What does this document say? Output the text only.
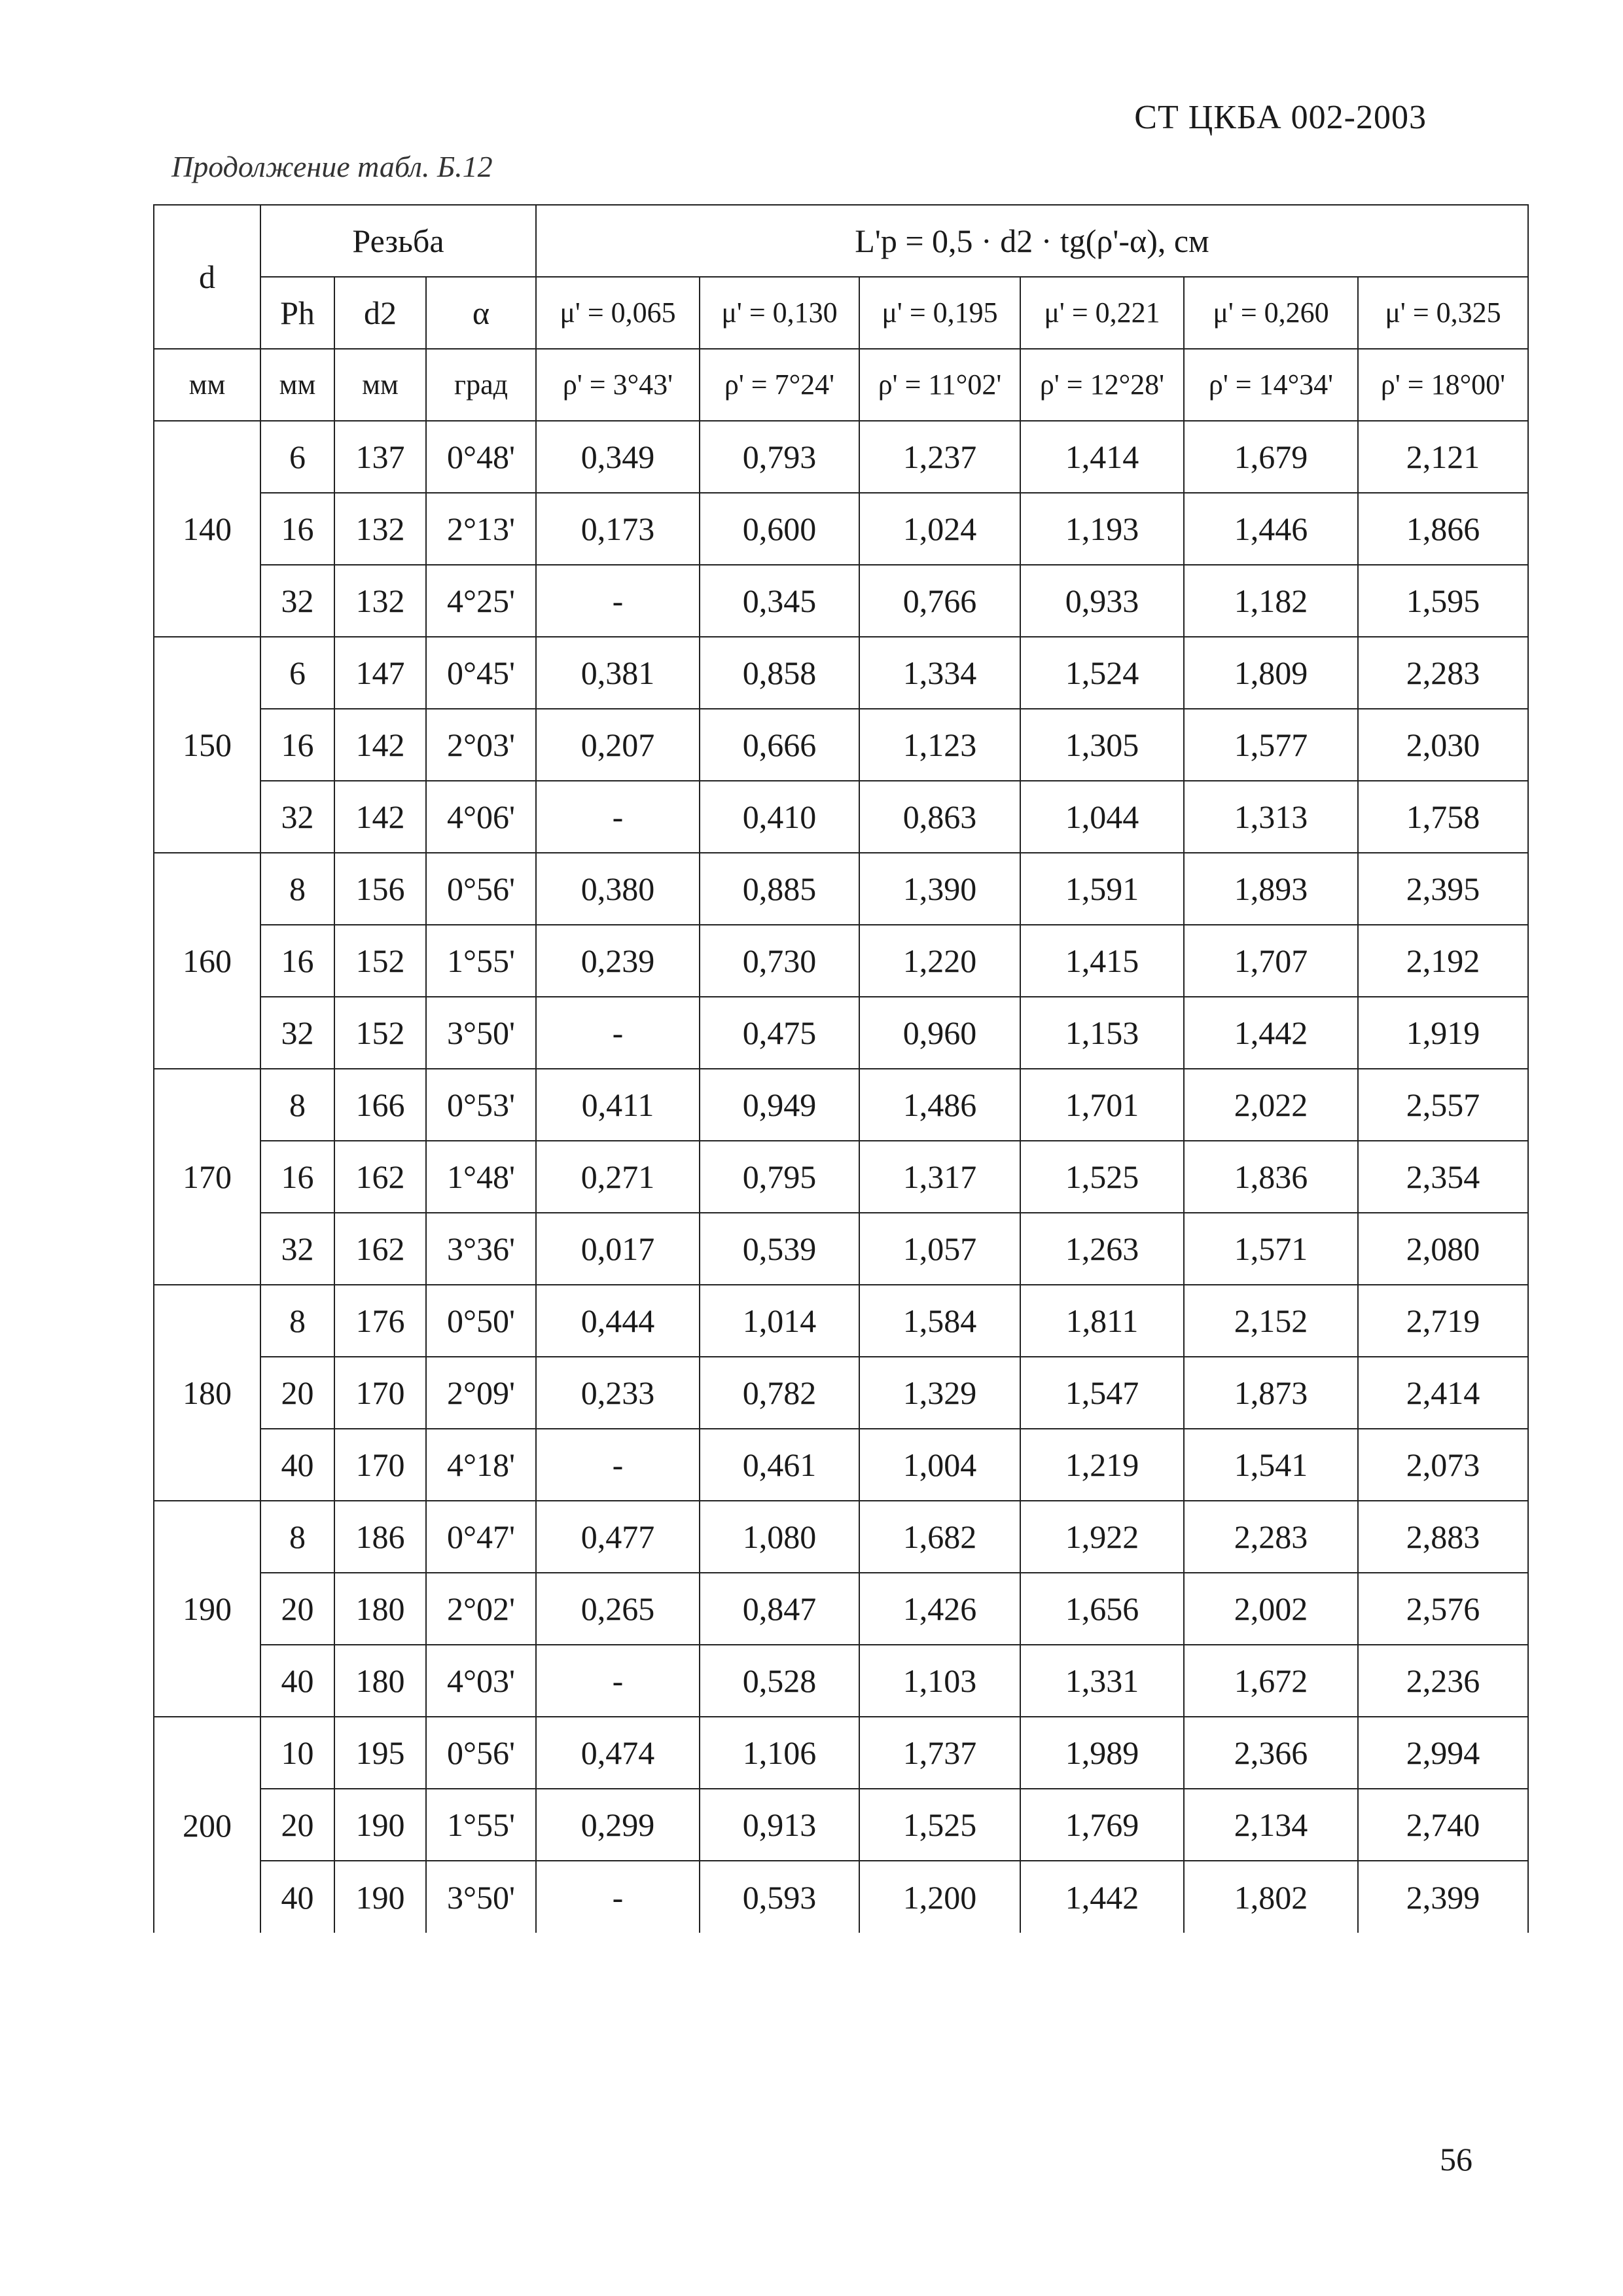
СТ ЦКБА 002-2003
Продолжение табл. Б.12
d	Резьба			L'p = 0,5 · d2 · tg(ρ'-α), см					
	Ph	d2	α	μ' = 0,065	μ' = 0,130	μ' = 0,195	μ' = 0,221	μ' = 0,260	μ' = 0,325
мм	мм	мм	град	ρ' = 3°43'	ρ' = 7°24'	ρ' = 11°02'	ρ' = 12°28'	ρ' = 14°34'	ρ' = 18°00'
140	6	137	0°48'	0,349	0,793	1,237	1,414	1,679	2,121
	16	132	2°13'	0,173	0,600	1,024	1,193	1,446	1,866
	32	132	4°25'	-	0,345	0,766	0,933	1,182	1,595
150	6	147	0°45'	0,381	0,858	1,334	1,524	1,809	2,283
	16	142	2°03'	0,207	0,666	1,123	1,305	1,577	2,030
	32	142	4°06'	-	0,410	0,863	1,044	1,313	1,758
160	8	156	0°56'	0,380	0,885	1,390	1,591	1,893	2,395
	16	152	1°55'	0,239	0,730	1,220	1,415	1,707	2,192
	32	152	3°50'	-	0,475	0,960	1,153	1,442	1,919
170	8	166	0°53'	0,411	0,949	1,486	1,701	2,022	2,557
	16	162	1°48'	0,271	0,795	1,317	1,525	1,836	2,354
	32	162	3°36'	0,017	0,539	1,057	1,263	1,571	2,080
180	8	176	0°50'	0,444	1,014	1,584	1,811	2,152	2,719
	20	170	2°09'	0,233	0,782	1,329	1,547	1,873	2,414
	40	170	4°18'	-	0,461	1,004	1,219	1,541	2,073
190	8	186	0°47'	0,477	1,080	1,682	1,922	2,283	2,883
	20	180	2°02'	0,265	0,847	1,426	1,656	2,002	2,576
	40	180	4°03'	-	0,528	1,103	1,331	1,672	2,236
200	10	195	0°56'	0,474	1,106	1,737	1,989	2,366	2,994
	20	190	1°55'	0,299	0,913	1,525	1,769	2,134	2,740
	40	190	3°50'	-	0,593	1,200	1,442	1,802	2,399
56
